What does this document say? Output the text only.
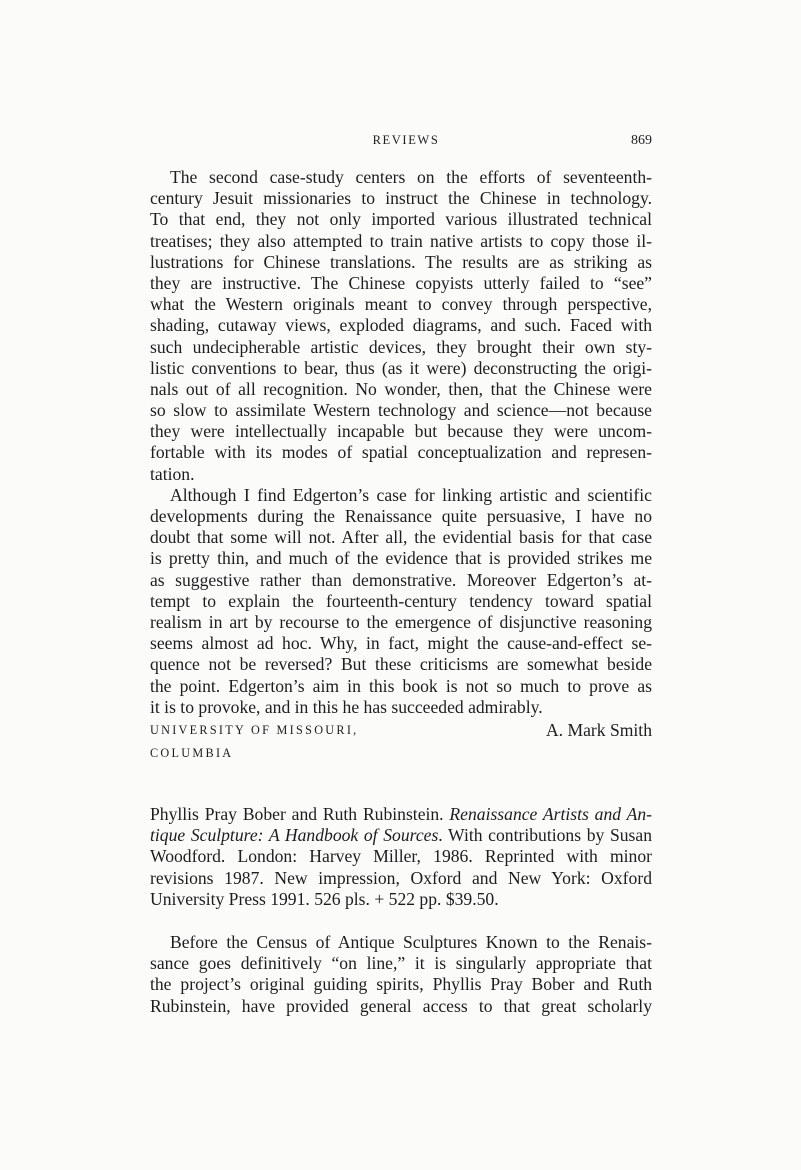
REVIEWS	869
The second case-study centers on the efforts of seventeenth-
century Jesuit missionaries to instruct the Chinese in technology.
To that end, they not only imported various illustrated technical
treatises; they also attempted to train native artists to copy those il-
lustrations for Chinese translations. The results are as striking as
they are instructive. The Chinese copyists utterly failed to “see”
what the Western originals meant to convey through perspective,
shading, cutaway views, exploded diagrams, and such. Faced with
such undecipherable artistic devices, they brought their own sty-
listic conventions to bear, thus (as it were) deconstructing the origi-
nals out of all recognition. No wonder, then, that the Chinese were
so slow to assimilate Western technology and science—not because
they were intellectually incapable but because they were uncom-
fortable with its modes of spatial conceptualization and represen-
tation.
Although I find Edgerton’s case for linking artistic and scientific
developments during the Renaissance quite persuasive, I have no
doubt that some will not. After all, the evidential basis for that case
is pretty thin, and much of the evidence that is provided strikes me
as suggestive rather than demonstrative. Moreover Edgerton’s at-
tempt to explain the fourteenth-century tendency toward spatial
realism in art by recourse to the emergence of disjunctive reasoning
seems almost ad hoc. Why, in fact, might the cause-and-effect se-
quence not be reversed? But these criticisms are somewhat beside
the point. Edgerton’s aim in this book is not so much to prove as
it is to provoke, and in this he has succeeded admirably.
UNIVERSITY OF MISSOURI,	A. Mark Smith
COLUMBIA
Phyllis Pray Bober and Ruth Rubinstein. Renaissance Artists and An-
tique Sculpture: A Handbook of Sources. With contributions by Susan
Woodford. London: Harvey Miller, 1986. Reprinted with minor
revisions 1987. New impression, Oxford and New York: Oxford
University Press 1991. 526 pls. + 522 pp. $39.50.
Before the Census of Antique Sculptures Known to the Renais-
sance goes definitively “on line,” it is singularly appropriate that
the project’s original guiding spirits, Phyllis Pray Bober and Ruth
Rubinstein, have provided general access to that great scholarly
